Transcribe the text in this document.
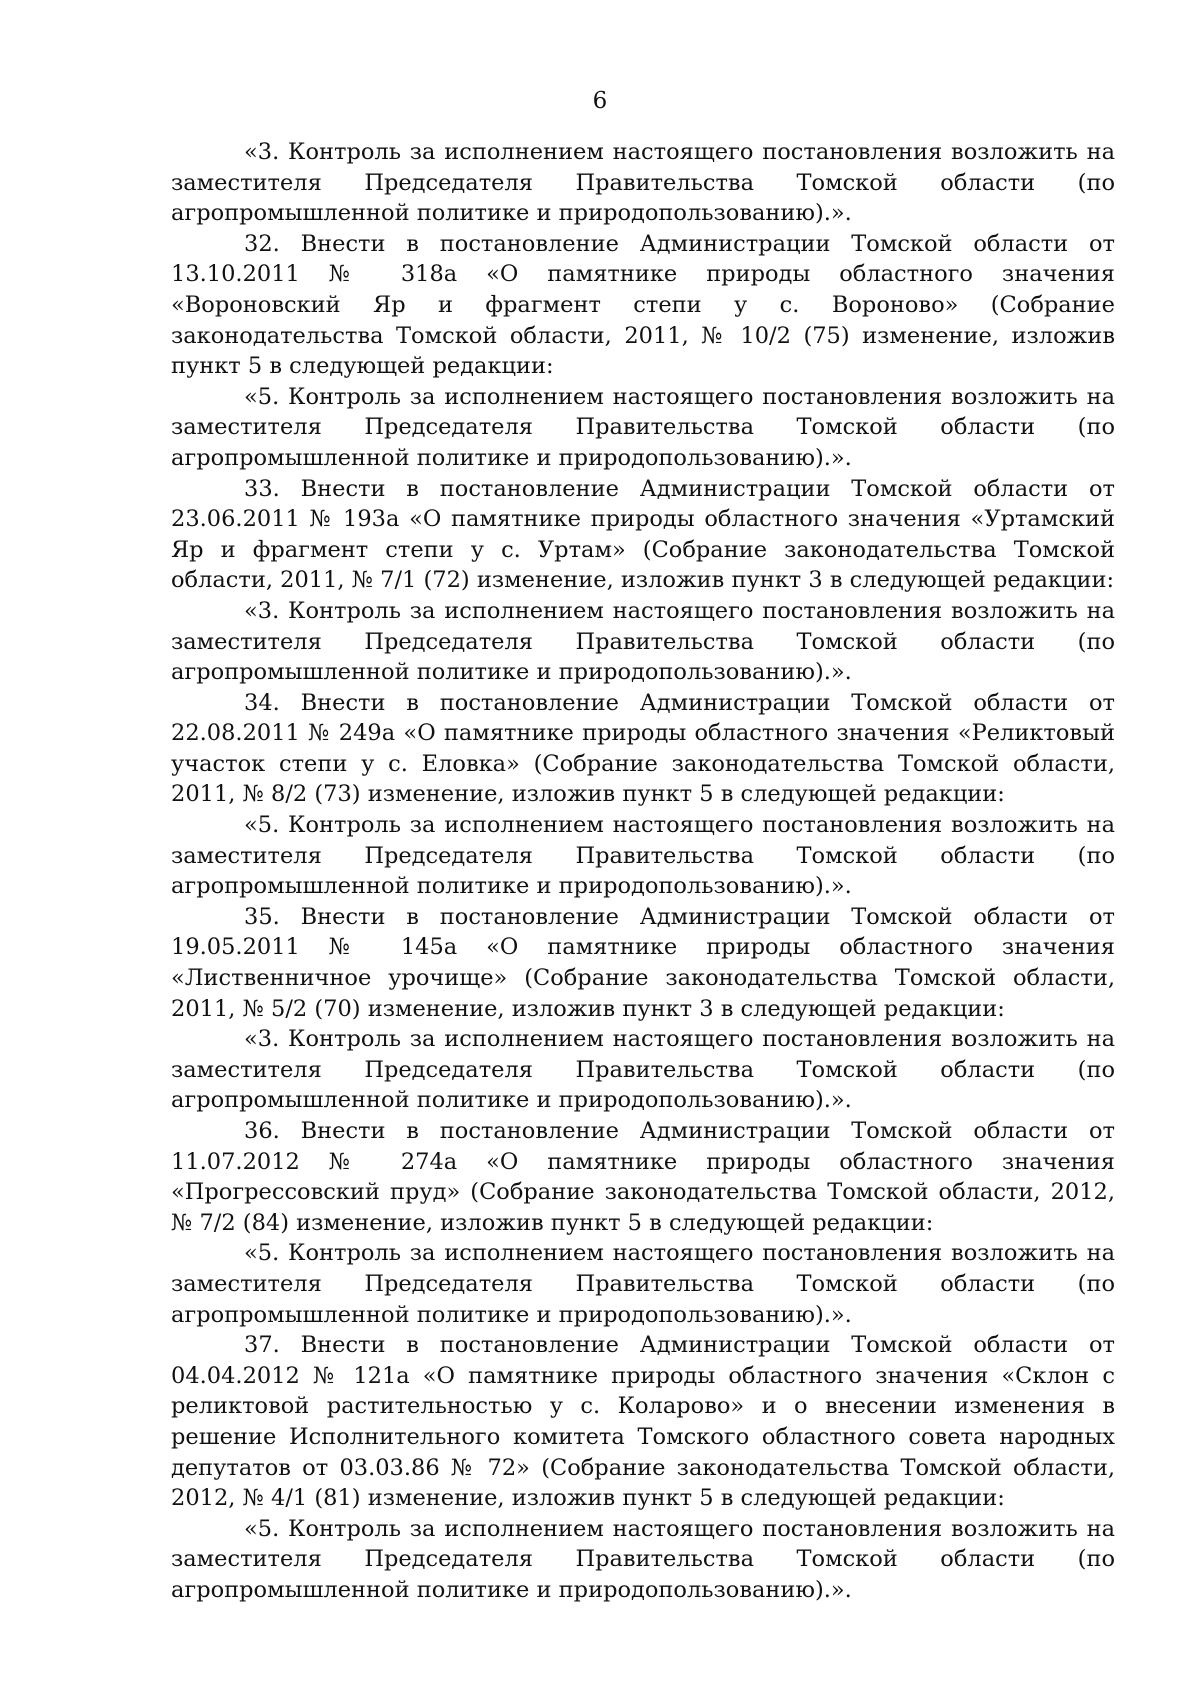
6

«3. Контроль за исполнением настоящего постановления возложить на заместителя Председателя Правительства Томской области (по агропромышленной политике и природопользованию).».

32. Внести в постановление Администрации Томской области от 13.10.2011 № 318а «О памятнике природы областного значения «Вороновский Яр и фрагмент степи у с. Вороново» (Собрание законодательства Томской области, 2011, № 10/2 (75) изменение, изложив пункт 5 в следующей редакции:

«5. Контроль за исполнением настоящего постановления возложить на заместителя Председателя Правительства Томской области (по агропромышленной политике и природопользованию).».

33. Внести в постановление Администрации Томской области от 23.06.2011 № 193а «О памятнике природы областного значения «Уртамский Яр и фрагмент степи у с. Уртам» (Собрание законодательства Томской области, 2011, № 7/1 (72) изменение, изложив пункт 3 в следующей редакции:

«3. Контроль за исполнением настоящего постановления возложить на заместителя Председателя Правительства Томской области (по агропромышленной политике и природопользованию).».

34. Внести в постановление Администрации Томской области от 22.08.2011 № 249а «О памятнике природы областного значения «Реликтовый участок степи у с. Еловка» (Собрание законодательства Томской области, 2011, № 8/2 (73) изменение, изложив пункт 5 в следующей редакции:

«5. Контроль за исполнением настоящего постановления возложить на заместителя Председателя Правительства Томской области (по агропромышленной политике и природопользованию).».

35. Внести в постановление Администрации Томской области от 19.05.2011 № 145а «О памятнике природы областного значения «Лиственничное урочище» (Собрание законодательства Томской области, 2011, № 5/2 (70) изменение, изложив пункт 3 в следующей редакции:

«3. Контроль за исполнением настоящего постановления возложить на заместителя Председателя Правительства Томской области (по агропромышленной политике и природопользованию).».

36. Внести в постановление Администрации Томской области от 11.07.2012 № 274а «О памятнике природы областного значения «Прогрессовский пруд» (Собрание законодательства Томской области, 2012, № 7/2 (84) изменение, изложив пункт 5 в следующей редакции:

«5. Контроль за исполнением настоящего постановления возложить на заместителя Председателя Правительства Томской области (по агропромышленной политике и природопользованию).».

37. Внести в постановление Администрации Томской области от 04.04.2012 № 121а «О памятнике природы областного значения «Склон с реликтовой растительностью у с. Коларово» и о внесении изменения в решение Исполнительного комитета Томского областного совета народных депутатов от 03.03.86 № 72» (Собрание законодательства Томской области, 2012, № 4/1 (81) изменение, изложив пункт 5 в следующей редакции:

«5. Контроль за исполнением настоящего постановления возложить на заместителя Председателя Правительства Томской области (по агропромышленной политике и природопользованию).».
